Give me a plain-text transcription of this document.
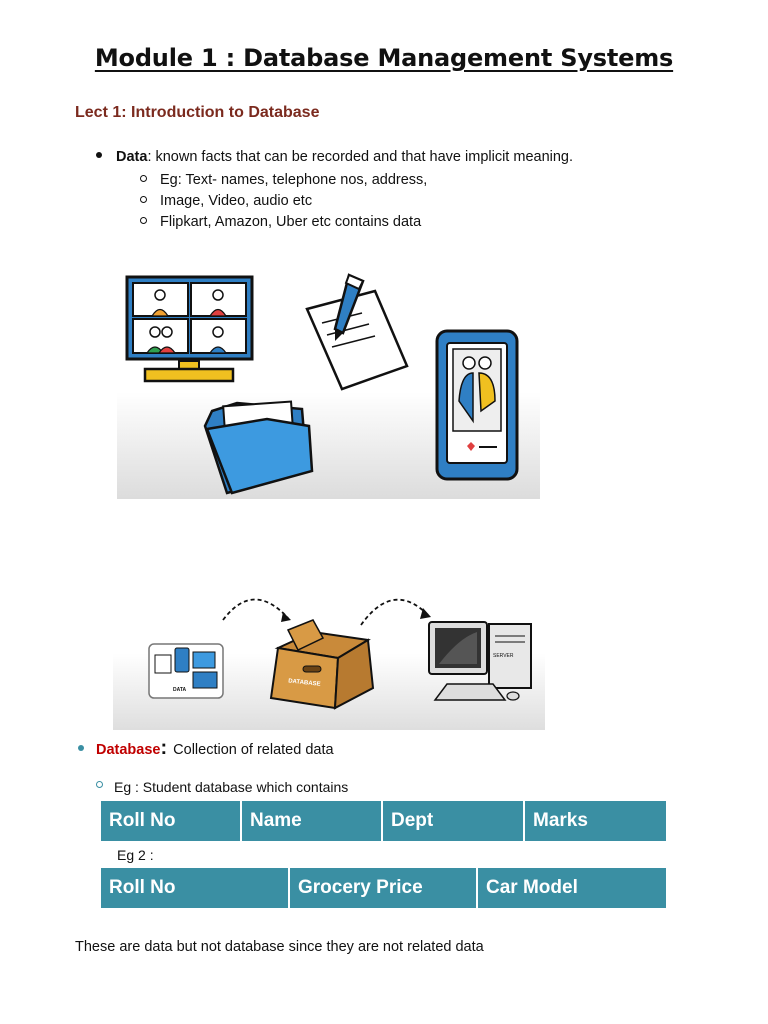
Module 1 : Database Management Systems
Lect 1: Introduction to Database
Data: known facts that can be recorded and that have implicit meaning.
Eg: Text- names, telephone nos, address,
Image, Video, audio etc
Flipkart, Amazon, Uber etc contains data
DATA
DATABASE
SERVER
Database: Collection of related data
Eg : Student database which contains
Roll No	Name	Dept	Marks
Eg 2 :
Roll No	Grocery Price	Car Model
These are data but not database since they are not related data
